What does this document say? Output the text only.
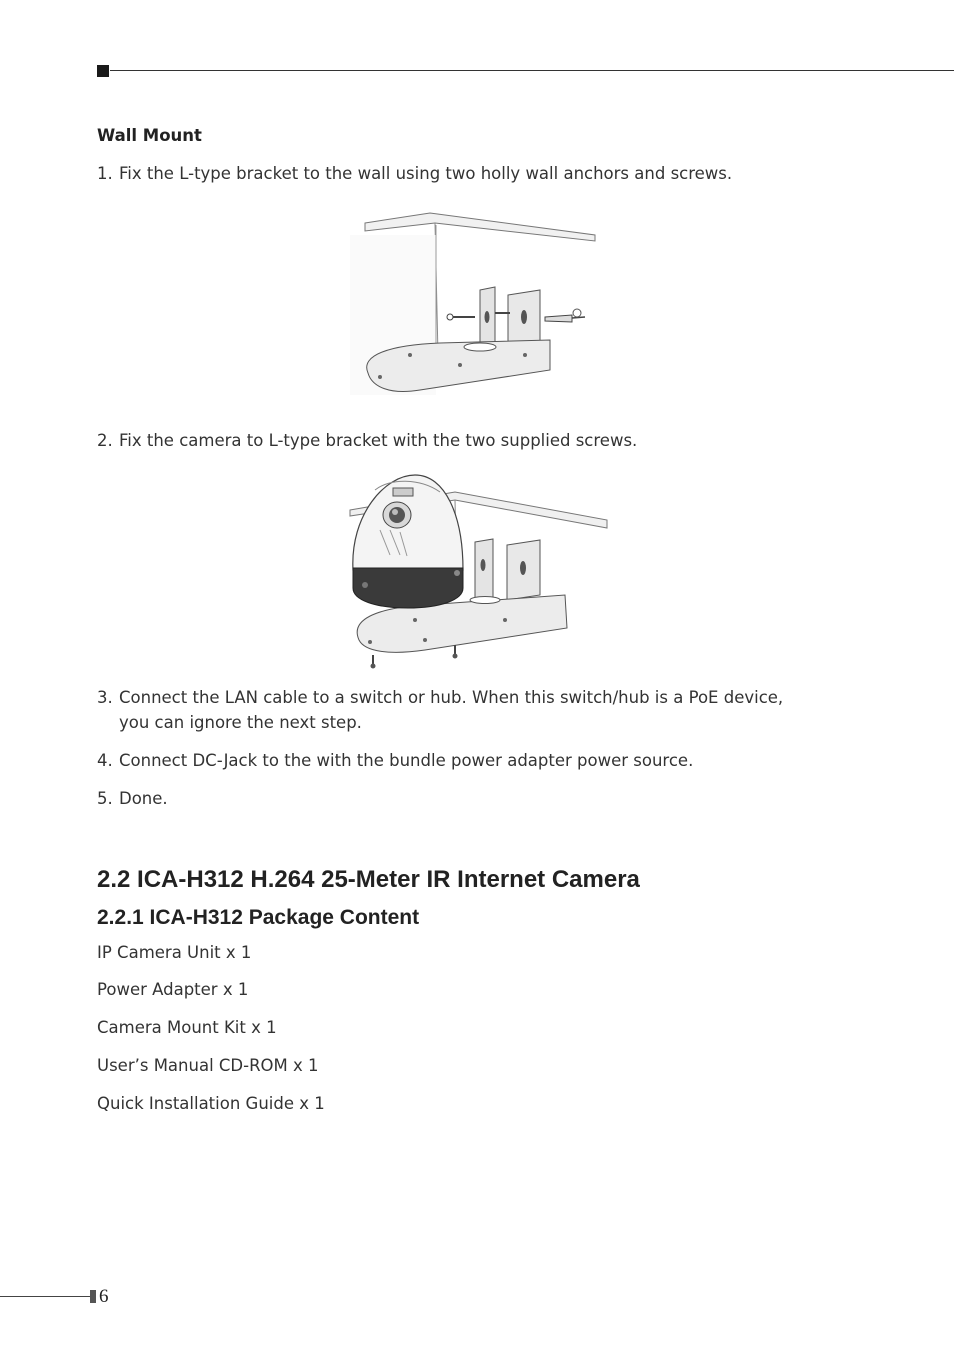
Wall Mount
1. Fix the L-type bracket to the wall using two holly wall anchors and screws.
2. Fix the camera to L-type bracket with the two supplied screws.
3. Connect the LAN cable to a switch or hub. When this switch/hub is a PoE device,
you can ignore the next step.
4. Connect DC-Jack to the with the bundle power adapter power source.
5. Done.
2.2 ICA-H312 H.264 25-Meter IR Internet Camera
2.2.1 ICA-H312 Package Content
IP Camera Unit x 1
Power Adapter x 1
Camera Mount Kit x 1
User’s Manual CD-ROM x 1
Quick Installation Guide x 1
6
